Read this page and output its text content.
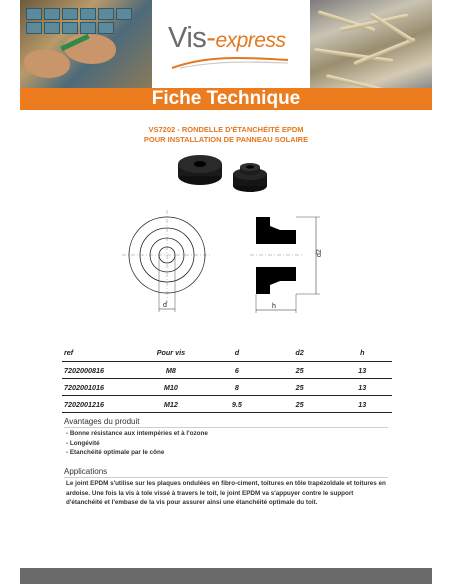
Vis-express
Fiche Technique
VS7202 - RONDELLE D'ÉTANCHÉITÉ EPDM
POUR INSTALLATION DE PANNEAU SOLAIRE
d
d2
h
ref	Pour vis	d	d2	h
7202000816	M8	6	25	13
7202001016	M10	8	25	13
7202001216	M12	9.5	25	13
Avantages du produit
- Bonne résistance aux intempéries et à l'ozone
- Longévité
- Etanchéité optimale par le cône
Applications

Le joint EPDM s'utilise sur les plaques ondulées en fibro-ciment, toitures en tôle trapézoïdale et toitures en ardoise. Une fois la vis à tole vissé à travers le toit, le joint EPDM va s'appuyer contre le support d'étanchéité et l'embase de la vis pour assurer ainsi une étanchéité optimale du toit.
